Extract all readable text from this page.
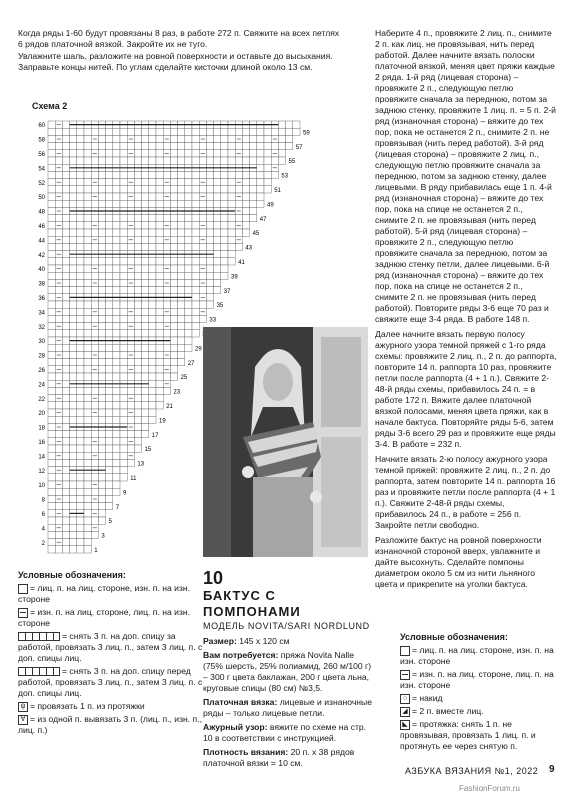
Когда ряды 1-60 будут провязаны 8 раз, в работе 272 п. Свяжите на всех петлях 6 рядов платочной вязкой. Закройте их не туго.

Увлажните шаль, разложите на ровной поверхности и оставьте до высыхания. Заправьте концы нитей. По углам сделайте кисточки длиной около 13 см.

Схема 2
60
59
58
57
56
55
54
53
52
51
50
49
48
47
46
45
44
43
42
41
40
39
38
37
36
35
34
33
32
30
29
28
27
26
25
24
23
22
21
20
19
18
17
16
15
14
13
12
11
10
9
8
7
6
5
4
3
2
1
Условные обозначения:
= лиц. п. на лиц. стороне, изн. п. на изн. стороне
= изн. п. на лиц. стороне, лиц. п. на изн. стороне
= снять 3 п. на доп. спицу за работой, провязать 3 лиц. п., затем 3 лиц. п. с доп. спицы лиц.
= снять 3 п. на доп. спицу перед работой, провязать 3 лиц. п., затем 3 лиц. п. с доп. спицы лиц.
ψ = провязать 1 п. из протяжки
∀ = из одной п. вывязать 3 п. (лиц. п., изн. п., лиц. п.)
10
БАКТУС С ПОМПОНАМИ
МОДЕЛЬ NOVITA/SARI NORDLUND

Размер: 145 х 120 см

Вам потребуется: пряжа Novita Nalle (75% шерсть, 25% полиамид, 260 м/100 г) – 300 г цвета баклажан, 200 г цвета льна, круговые спицы (80 см) №3,5.

Платочная вязка: лицевые и изнаночные ряды – только лицевые петли.

Ажурный узор: вяжите по схеме на стр. 10 в соответствии с инструкцией.

Плотность вязания: 20 п. х 38 рядов платочной вязки = 10 см.

Наберите 4 п., провяжите 2 лиц. п., снимите 2 п. как лиц. не провязывая, нить перед работой. Далее начните вязать полоски платочной вязкой, меняя цвет пряжи каждые 2 ряда. 1-й ряд (лицевая сторона) – провяжите 2 п., следующую петлю провяжите сначала за переднюю, потом за заднюю стенку, провяжите 1 лиц. п. = 5 п. 2-й ряд (изнаночная сторона) – вяжите до тех пор, пока не останется 2 п., снимите 2 п. не провязывая (нить перед работой). 3-й ряд (лицевая сторона) – провяжите 2 лиц. п., следующую петлю провяжите сначала за переднюю, потом за заднюю стенку, далее лицевыми. В ряду прибавилась еще 1 п. 4-й ряд (изнаночная сторона) – вяжите до тех пор, пока на спице не останется 2 п., снимите 2 п. не провязывая (нить перед работой). 5-й ряд (лицевая сторона) – провяжите 2 п., следующую петлю провяжите сначала за переднюю, потом за заднюю стенку петли, далее лицевыми. 6-й ряд (изнаночная сторона) – вяжите до тех пор, пока на спице не останется 2 п., снимите 2 п. не провязывая (нить перед работой). Повторите ряды 3-6 еще 70 раз и свяжите еще 3-4 ряда. В работе 148 п.

Далее начните вязать первую полосу ажурного узора темной пряжей с 1-го ряда схемы: провяжите 2 лиц. п., 2 п. до раппорта, повторите 14 п. раппорта 10 раз, провяжите петли после раппорта (4 + 1 п.). Свяжите 2-48-й ряды схемы, прибавилось 24 п. = в работе 172 п. Вяжите далее платочной вязкой полосами, меняя цвета пряжи, как в начале бактуса. Повторяйте ряды 5-6, затем ряды 3-6 всего 29 раз и провяжите еще ряды 3-4. В работе = 232 п.

Начните вязать 2-ю полосу ажурного узора темной пряжей: провяжите 2 лиц. п., 2 п. до раппорта, затем повторите 14 п. раппорта 16 раз и провяжите петли после раппорта (4 + 1 п.). Свяжите 2-48-й ряды схемы, прибавилось 24 п., в работе = 256 п. Закройте петли свободно.

Разложите бактус на ровной поверхности изнаночной стороной вверх, увлажните и дайте высохнуть. Сделайте помпоны диаметром около 5 см из нити льняного цвета и прикрепите на уголки бактуса.

Условные обозначения:
= лиц. п. на лиц. стороне, изн. п. на изн. стороне
= изн. п. на лиц. стороне, лиц. п. на изн. стороне
○ = накид
◢ = 2 п. вместе лиц.
◣ = протяжка: снять 1 п. не провязывая, провязать 1 лиц. п. и протянуть ее через снятую п.
АЗБУКА ВЯЗАНИЯ №1, 2022 9
FashionForum.ru
